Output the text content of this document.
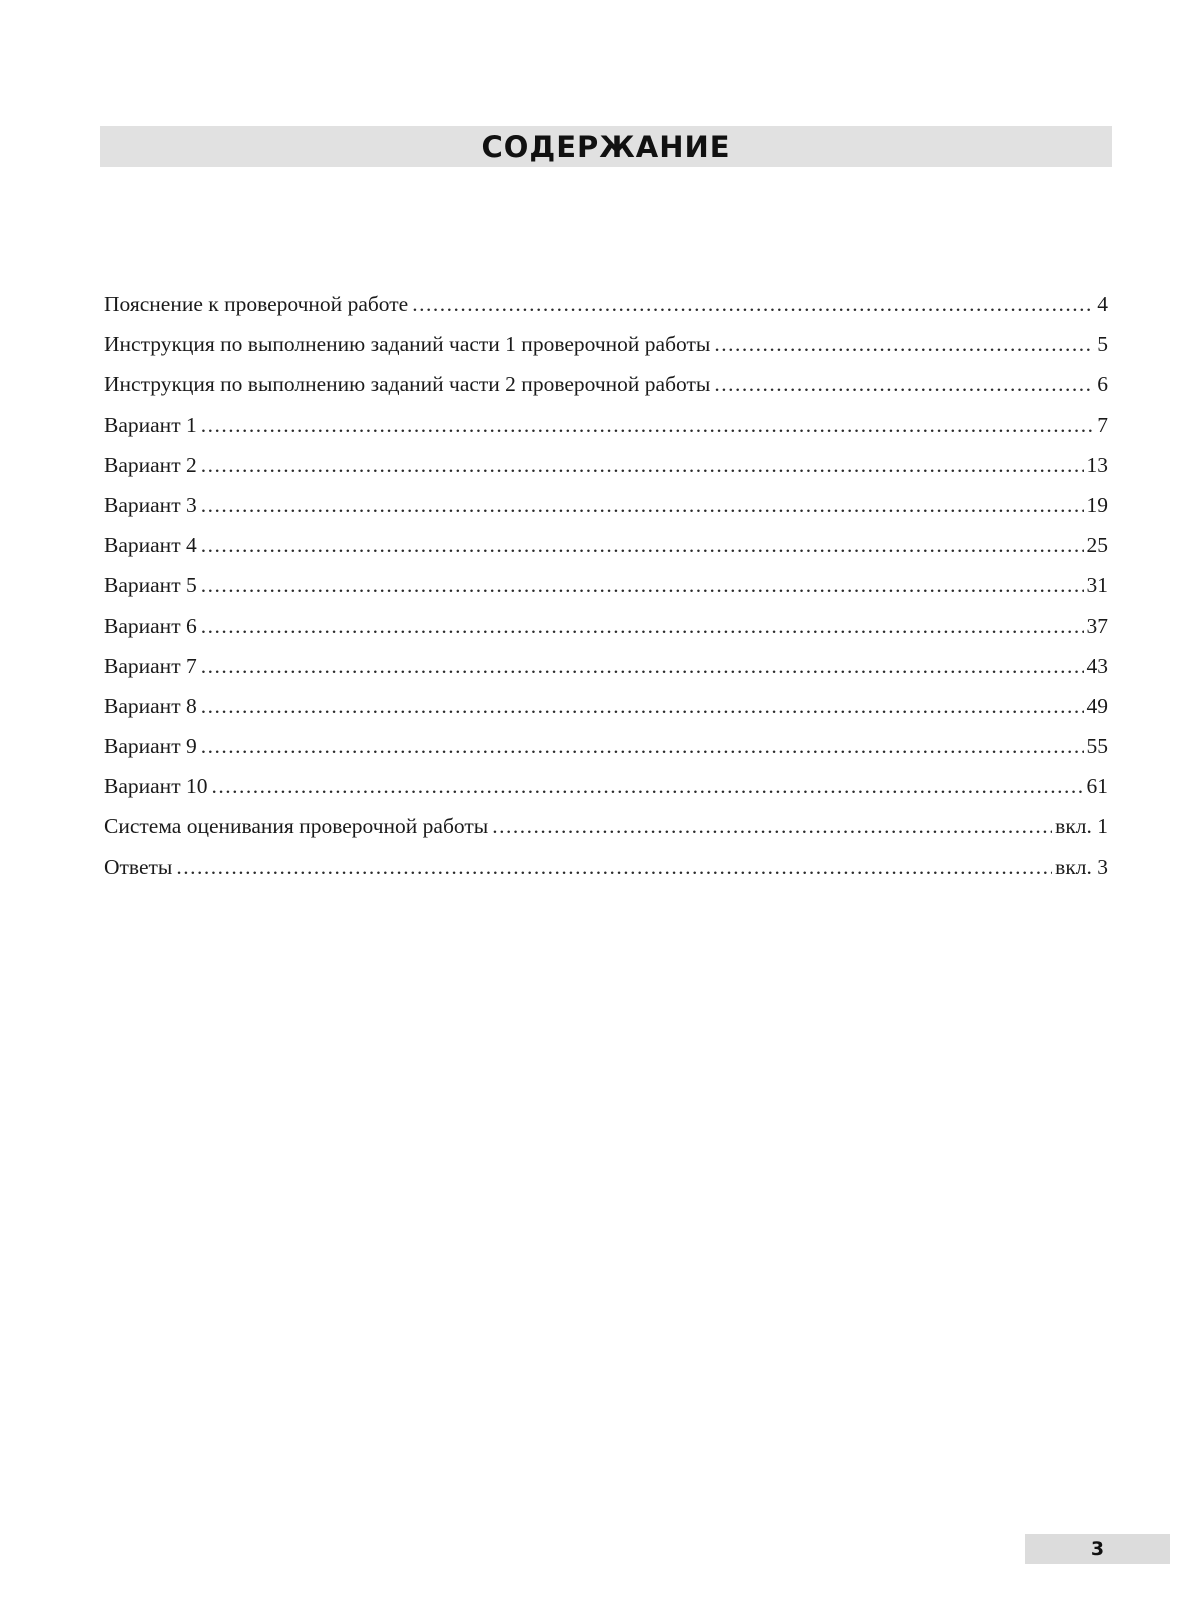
СОДЕРЖАНИЕ
Пояснение к проверочной работе .....	4
Инструкция по выполнению заданий части 1 проверочной работы .....	5
Инструкция по выполнению заданий части 2 проверочной работы .....	6
Вариант 1 .....	7
Вариант 2 .....	13
Вариант 3 .....	19
Вариант 4 .....	25
Вариант 5 .....	31
Вариант 6 .....	37
Вариант 7 .....	43
Вариант 8 .....	49
Вариант 9 .....	55
Вариант 10 .....	61
Система оценивания проверочной работы .....	вкл. 1
Ответы .....	вкл. 3
3
